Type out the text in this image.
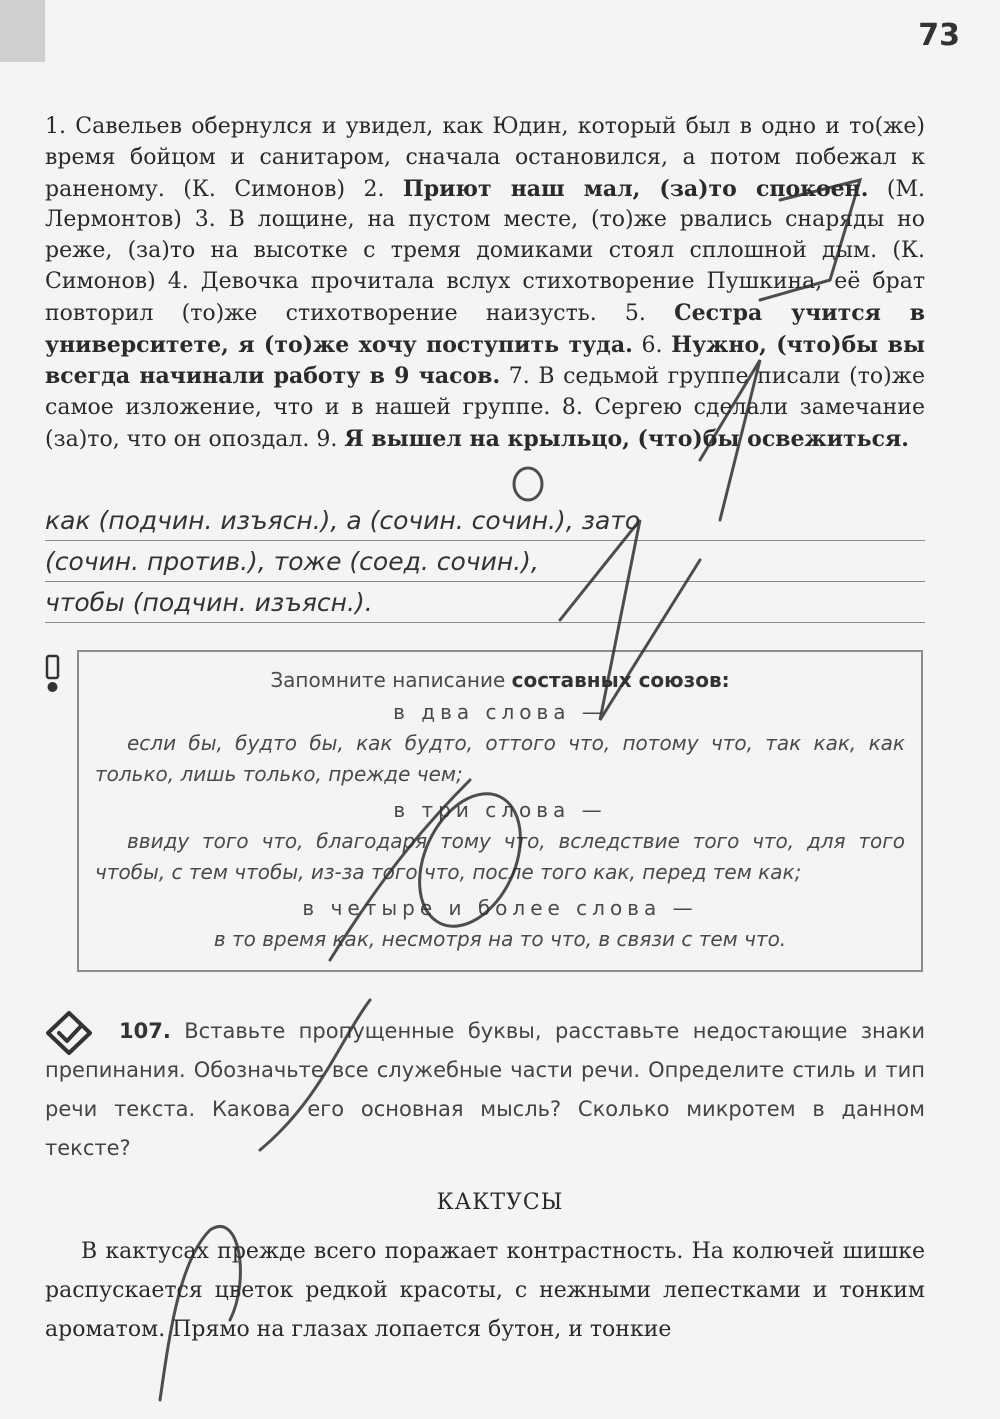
73

1. Савельев обернулся и увидел, как Юдин, который был в одно и то(же) время бойцом и санитаром, сначала остановился, а потом побежал к раненому. (К. Симонов) 2. Приют наш мал, (за)то спокоен. (М. Лермонтов) 3. В лощине, на пустом месте, (то)же рвались снаряды но реже, (за)то на высотке с тремя домиками стоял сплошной дым. (К. Симонов) 4. Девочка прочитала вслух стихотворение Пушкина, её брат повторил (то)же стихотворение наизусть. 5. Сестра учится в университете, я (то)же хочу поступить туда. 6. Нужно, (что)бы вы всегда начинали работу в 9 часов. 7. В седьмой группе писали (то)же самое изложение, что и в нашей группе. 8. Сергею сделали замечание (за)то, что он опоздал. 9. Я вышел на крыльцо, (что)бы освежиться.

как (подчин. изъясн.), а (сочин. сочин.), зато
(сочин. против.), тоже (соед. сочин.),
чтобы (подчин. изъясн.).
Запомните написание составных союзов:
в два слова —
если бы, будто бы, как будто, оттого что, потому что, так как, как только, лишь только, прежде чем;
в три слова —
ввиду того что, благодаря тому что, вследствие того что, для того чтобы, с тем чтобы, из-за того что, после того как, перед тем как;
в четыре и более слова —
в то время как, несмотря на то что, в связи с тем что.

107. Вставьте пропущенные буквы, расставьте недостающие знаки препинания. Обозначьте все служебные части речи. Определите стиль и тип речи текста. Какова его основная мысль? Сколько микротем в данном тексте?

КАКТУСЫ

В кактусах прежде всего поражает контрастность. На колючей шишке распускается цветок редкой красоты, с нежными лепестками и тонким ароматом. Прямо на глазах лопается бутон, и тонкие
